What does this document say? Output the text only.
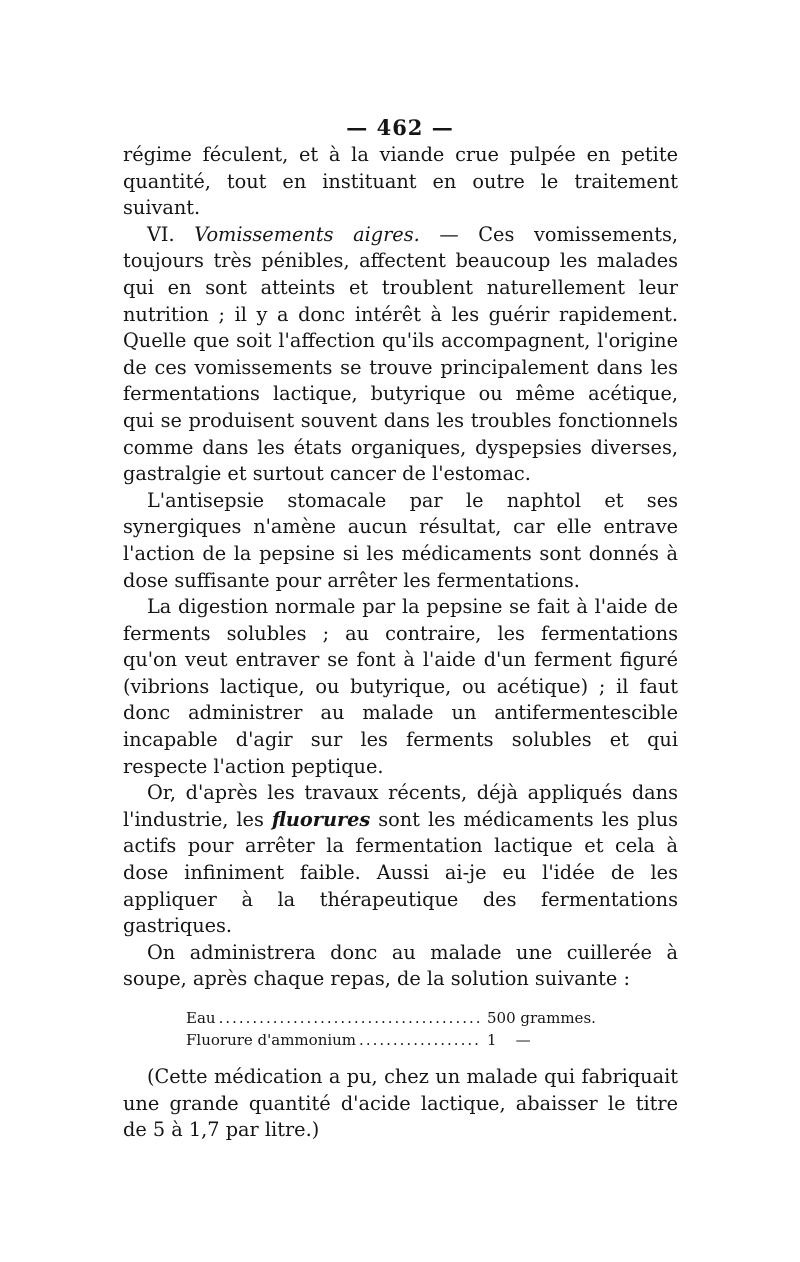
— 462 —

régime féculent, et à la viande crue pulpée en petite quantité, tout en instituant en outre le traitement suivant.

VI. Vomissements aigres. — Ces vomissements, toujours très pénibles, affectent beaucoup les malades qui en sont atteints et troublent naturellement leur nutrition ; il y a donc intérêt à les guérir rapidement. Quelle que soit l'affection qu'ils accompagnent, l'origine de ces vomissements se trouve principalement dans les fermentations lactique, butyrique ou même acétique, qui se produisent souvent dans les troubles fonctionnels comme dans les états organiques, dyspepsies diverses, gastralgie et surtout cancer de l'estomac.

L'antisepsie stomacale par le naphtol et ses synergiques n'amène aucun résultat, car elle entrave l'action de la pepsine si les médicaments sont donnés à dose suffisante pour arrêter les fermentations.

La digestion normale par la pepsine se fait à l'aide de ferments solubles ; au contraire, les fermentations qu'on veut entraver se font à l'aide d'un ferment figuré (vibrions lactique, ou butyrique, ou acétique) ; il faut donc administrer au malade un antifermentescible incapable d'agir sur les ferments solubles et qui respecte l'action peptique.

Or, d'après les travaux récents, déjà appliqués dans l'industrie, les fluorures sont les médicaments les plus actifs pour arrêter la fermentation lactique et cela à dose infiniment faible. Aussi ai-je eu l'idée de les appliquer à la thérapeutique des fermentations gastriques.

On administrera donc au malade une cuillerée à soupe, après chaque repas, de la solution suivante :

Eau .....	500 grammes.
Fluorure d'ammonium .....	1    —

(Cette médication a pu, chez un malade qui fabriquait une grande quantité d'acide lactique, abaisser le titre de 5 à 1,7 par litre.)
